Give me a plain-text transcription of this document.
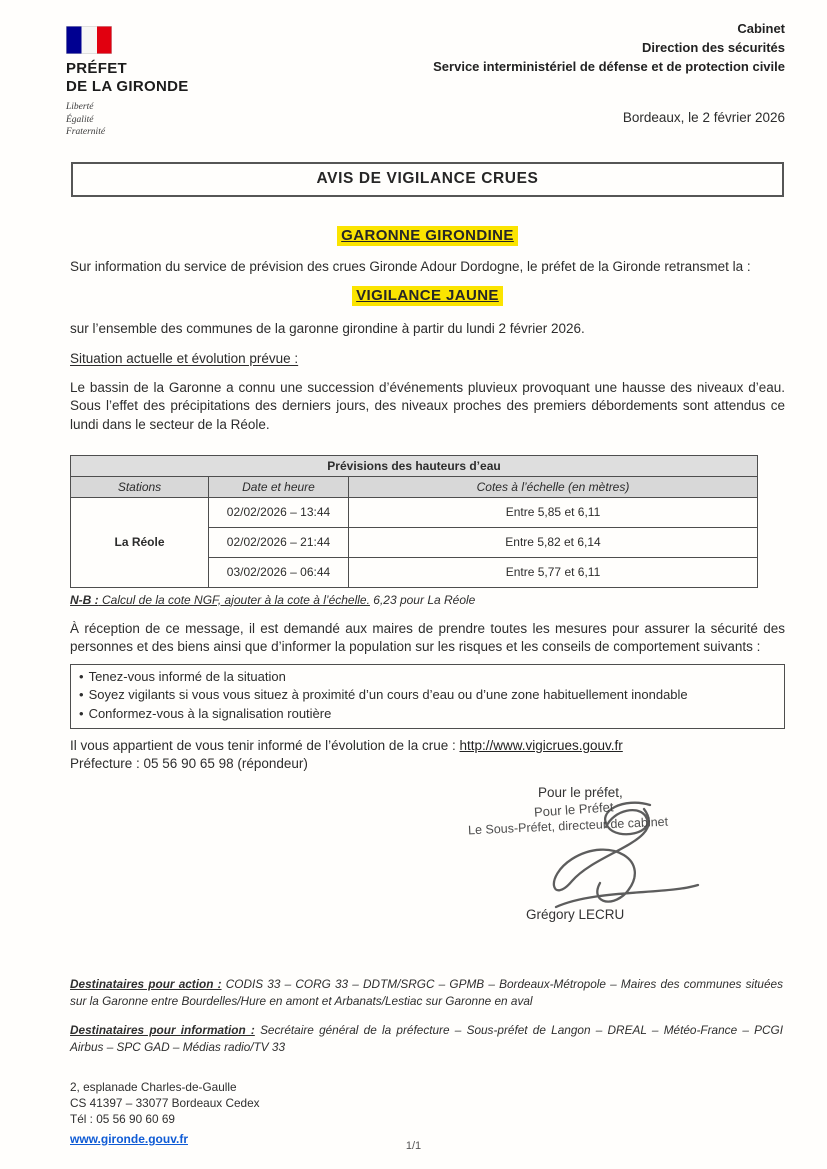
PRÉFET
DE LA GIRONDE
Liberté
Égalité
Fraternité
Cabinet
Direction des sécurités
Service interministériel de défense et de protection civile
Bordeaux, le 2 février 2026
AVIS DE VIGILANCE CRUES
GARONNE GIRONDINE

Sur information du service de prévision des crues Gironde Adour Dordogne, le préfet de la Gironde retransmet la :

VIGILANCE JAUNE
sur l’ensemble des communes de la garonne girondine à partir du lundi 2 février 2026.
Situation actuelle et évolution prévue :

Le bassin de la Garonne a connu une succession d’événements pluvieux provoquant une hausse des niveaux d’eau. Sous l’effet des précipitations des derniers jours, des niveaux proches des premiers débordements sont attendus ce lundi dans le secteur de la Réole.

Prévisions des hauteurs d’eau		
Stations	Date et heure	Cotes à l’échelle (en mètres)
La Réole	02/02/2026 – 13:44	Entre 5,85 et 6,11
	02/02/2026 – 21:44	Entre 5,82 et 6,14
	03/02/2026 – 06:44	Entre 5,77 et 6,11
N-B : Calcul de la cote NGF, ajouter à la cote à l’échelle. 6,23 pour La Réole

À réception de ce message, il est demandé aux maires de prendre toutes les mesures pour assurer la sécurité des personnes et des biens ainsi que d’informer la population sur les risques et les conseils de comportement suivants :

• Tenez-vous informé de la situation
• Soyez vigilants si vous vous situez à proximité d’un cours d’eau ou d’une zone habituellement inondable
• Conformez-vous à la signalisation routière
Il vous appartient de vous tenir informé de l’évolution de la crue : http://www.vigicrues.gouv.fr
Préfecture : 05 56 90 65 98 (répondeur)
Pour le préfet,
Pour le Préfet
Le Sous-Préfet, directeur de cabinet
Grégory LECRU
Destinataires pour action : CODIS 33 – CORG 33 – DDTM/SRGC – GPMB – Bordeaux-Métropole – Maires des communes situées sur la Garonne entre Bourdelles/Hure en amont et Arbanats/Lestiac sur Garonne en aval
Destinataires pour information : Secrétaire général de la préfecture – Sous-préfet de Langon – DREAL – Météo-France – PCGI Airbus – SPC GAD – Médias radio/TV 33
2, esplanade Charles-de-Gaulle
CS 41397 – 33077 Bordeaux Cedex
Tél : 05 56 90 60 69
www.gironde.gouv.fr
1/1
